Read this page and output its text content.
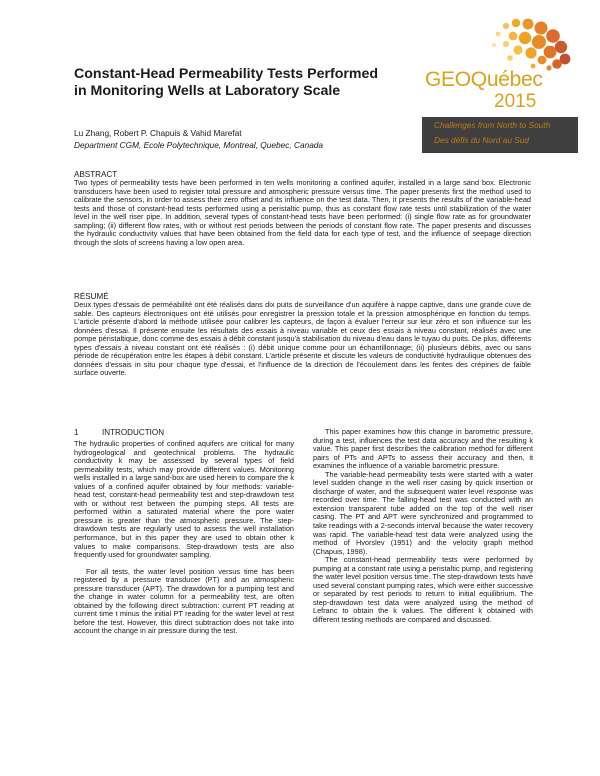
GEOQuébec
2015
Challenges from North to South
Des défis du Nord au Sud
Constant-Head Permeability Tests Performed
in Monitoring Wells at Laboratory Scale
Lu Zhang, Robert P. Chapuis & Vahid Marefat
Department CGM, Ecole Polytechnique, Montreal, Quebec, Canada
ABSTRACT
Two types of permeability tests have been performed in ten wells monitoring a confined aquifer, installed in a large sand box. Electronic transducers have been used to register total pressure and atmospheric pressure versus time. The paper presents first the method used to calibrate the sensors, in order to assess their zero offset and its influence on the test data. Then, it presents the results of the variable-head tests and those of constant-head tests performed using a peristaltic pump, thus as constant flow rate tests until stabilization of the water level in the well riser pipe. In addition, several types of constant-head tests have been performed: (i) single flow rate as for groundwater sampling; (ii) different flow rates, with or without rest periods between the periods of constant flow rate. The paper presents and discusses the hydraulic conductivity values that have been obtained from the field data for each type of test, and the influence of seepage direction through the slots of screens having a low open area.
RÉSUMÉ
Deux types d'essais de perméabilité ont été réalisés dans dix puits de surveillance d'un aquifère à nappe captive, dans une grande cuve de sable. Des capteurs électroniques ont été utilisés pour enregistrer la pression totale et la pression atmosphérique en fonction du temps. L'article présente d'abord la méthode utilisée pour calibrer les capteurs, de façon à évaluer l'erreur sur leur zéro et son influence sur les données d'essai. Il présente ensuite les résultats des essais à niveau variable et ceux des essais à niveau constant, réalisés avec une pompe péristaltique, donc comme des essais à débit constant jusqu'à stabilisation du niveau d'eau dans le tuyau du puits. De plus, différents types d'essais à niveau constant ont été réalisés : (i) débit unique comme pour un échantillonnage; (ii) plusieurs débits, avec ou sans période de récupération entre les étapes à débit constant. L'article présente et discute les valeurs de conductivité hydraulique obtenues des données d'essais in situ pour chaque type d'essai, et l'influence de la direction de l'écoulement dans les fentes des crépines de faible surface ouverte.
1	INTRODUCTION

The hydraulic properties of confined aquifers are critical for many hydrogeological and geotechnical problems. The hydraulic conductivity k may be assessed by several types of field permeability tests, which may provide different values. Monitoring wells installed in a large sand-box are used herein to compare the k values of a confined aquifer obtained by four methods: variable-head test, constant-head permeability test and step-drawdown test with or without rest between the pumping steps. All tests are performed within a saturated material where the pore water pressure is greater than the atmospheric pressure. The step-drawdown tests are regularly used to assess the well installation performance, but in this paper they are used to obtain other k values to make comparisons. Step-drawdown tests are also frequently used for groundwater sampling.

For all tests, the water level position versus time has been registered by a pressure transducer (PT) and an atmospheric pressure transducer (APT). The drawdown for a pumping test and the change in water column for a permeability test, are often obtained by the following direct subtraction: current PT reading at current time t minus the initial PT reading for the water level at rest before the test. However, this direct subtraction does not take into account the change in air pressure during the test.

This paper examines how this change in barometric pressure, during a test, influences the test data accuracy and the resulting k value. This paper first describes the calibration method for different pairs of PTs and APTs to assess their accuracy and then, it examines the influence of a variable barometric pressure.

The variable-head permeability tests were started with a water level sudden change in the well riser casing by quick insertion or discharge of water, and the subsequent water level response was recorded over time. The falling-head test was conducted with an extension transparent tube added on the top of the well riser casing. The PT and APT were synchronized and programmed to take readings with a 2-seconds interval because the water recovery was rapid. The variable-head test data were analyzed using the method of Hvorslev (1951) and the velocity graph method (Chapuis, 1998).

The constant-head permeability tests were performed by pumping at a constant rate using a peristaltic pump, and registering the water level position versus time. The step-drawdown tests have used several constant pumping rates, which were either successive or separated by rest periods to return to initial equilibrium. The step-drawdown test data were analyzed using the method of Lefranc to obtain the k values. The different k obtained with different testing methods are compared and discussed.
